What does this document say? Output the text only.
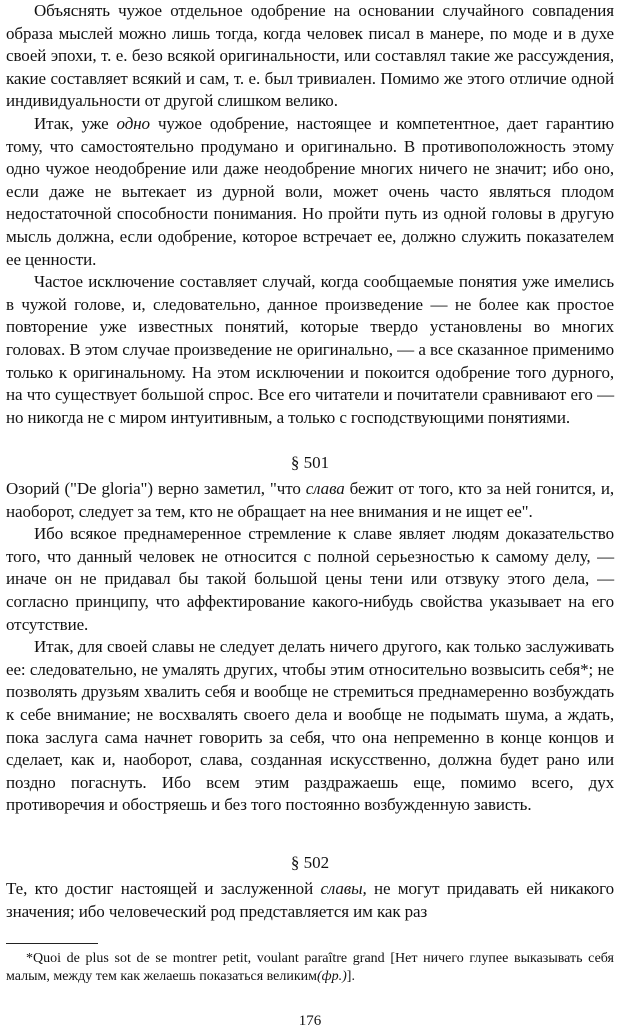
Объяснять чужое отдельное одобрение на основании случайного совпадения образа мыслей можно лишь тогда, когда человек писал в манере, по моде и в духе своей эпохи, т. е. безо всякой оригинальности, или составлял такие же рассуждения, какие составляет всякий и сам, т. е. был тривиален. Помимо же этого отличие одной индивидуальности от другой слишком велико.

Итак, уже одно чужое одобрение, настоящее и компетентное, дает гарантию тому, что самостоятельно продумано и оригинально. В противоположность этому одно чужое неодобрение или даже неодобрение многих ничего не значит; ибо оно, если даже не вытекает из дурной воли, может очень часто являться плодом недостаточной способности понимания. Но пройти путь из одной головы в другую мысль должна, если одобрение, которое встречает ее, должно служить показателем ее ценности.

Частое исключение составляет случай, когда сообщаемые понятия уже имелись в чужой голове, и, следовательно, данное произведение — не более как простое повторение уже известных понятий, которые твердо установлены во многих головах. В этом случае произведение не оригинально, — а все сказанное применимо только к оригинальному. На этом исключении и покоится одобрение того дурного, на что существует большой спрос. Все его читатели и почитатели сравнивают его — но никогда не с миром интуитивным, а только с господствующими понятиями.

§ 501

Озорий ("De gloria") верно заметил, "что слава бежит от того, кто за ней гонится, и, наоборот, следует за тем, кто не обращает на нее внимания и не ищет ее".

Ибо всякое преднамеренное стремление к славе являет людям доказательство того, что данный человек не относится с полной серьезностью к самому делу, — иначе он не придавал бы такой большой цены тени или отзвуку этого дела, — согласно принципу, что аффектирование какого-нибудь свойства указывает на его отсутствие.

Итак, для своей славы не следует делать ничего другого, как только заслуживать ее: следовательно, не умалять других, чтобы этим относительно возвысить себя*; не позволять друзьям хвалить себя и вообще не стремиться преднамеренно возбуждать к себе внимание; не восхвалять своего дела и вообще не подымать шума, а ждать, пока заслуга сама начнет говорить за себя, что она непременно в конце концов и сделает, как и, наоборот, слава, созданная искусственно, должна будет рано или поздно погаснуть. Ибо всем этим раздражаешь еще, помимо всего, дух противоречия и обостряешь и без того постоянно возбужденную зависть.

§ 502

Те, кто достиг настоящей и заслуженной славы, не могут придавать ей никакого значения; ибо человеческий род представляется им как раз

*Quoi de plus sot de se montrer petit, voulant paraître grand [Нет ничего глупее выказывать себя малым, между тем как желаешь показаться великим(фр.)].
176
